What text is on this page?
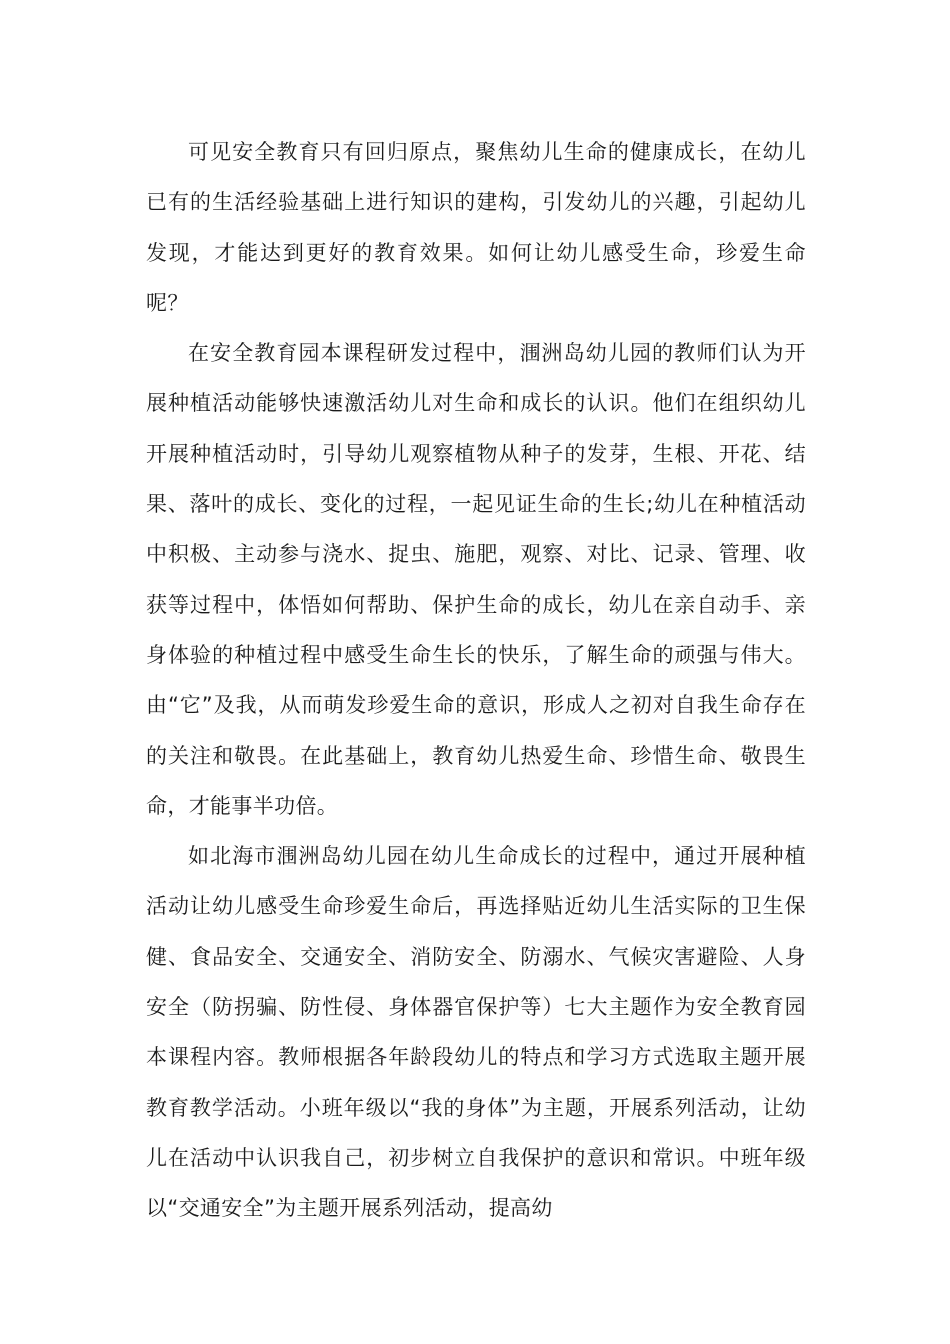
可见安全教育只有回归原点，聚焦幼儿生命的健康成长，在幼儿已有的生活经验基础上进行知识的建构，引发幼儿的兴趣，引起幼儿发现，才能达到更好的教育效果。如何让幼儿感受生命，珍爱生命呢？

在安全教育园本课程研发过程中，涠洲岛幼儿园的教师们认为开展种植活动能够快速激活幼儿对生命和成长的认识。他们在组织幼儿开展种植活动时，引导幼儿观察植物从种子的发芽，生根、开花、结果、落叶的成长、变化的过程，一起见证生命的生长;幼儿在种植活动中积极、主动参与浇水、捉虫、施肥，观察、对比、记录、管理、收获等过程中，体悟如何帮助、保护生命的成长，幼儿在亲自动手、亲身体验的种植过程中感受生命生长的快乐，了解生命的顽强与伟大。由“它”及我，从而萌发珍爱生命的意识，形成人之初对自我生命存在的关注和敬畏。在此基础上，教育幼儿热爱生命、珍惜生命、敬畏生命，才能事半功倍。

如北海市涠洲岛幼儿园在幼儿生命成长的过程中，通过开展种植活动让幼儿感受生命珍爱生命后，再选择贴近幼儿生活实际的卫生保健、食品安全、交通安全、消防安全、防溺水、气候灾害避险、人身安全（防拐骗、防性侵、身体器官保护等）七大主题作为安全教育园本课程内容。教师根据各年龄段幼儿的特点和学习方式选取主题开展教育教学活动。小班年级以“我的身体”为主题，开展系列活动，让幼儿在活动中认识我自己，初步树立自我保护的意识和常识。中班年级以“交通安全”为主题开展系列活动，提高幼
